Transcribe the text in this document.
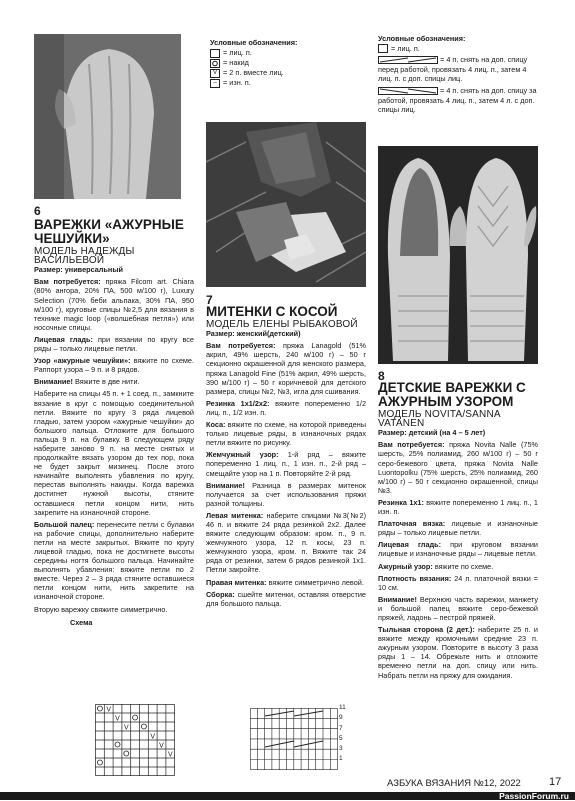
Условные обозначения:
= лиц. п.
= накид
V = 2 п. вместе лиц.
– = изн. п.
Условные обозначения:
= лиц. п.
= 4 п. снять на доп. спицу перед работой, провязать 4 лиц. п., затем 4 лиц. п. с доп. спицы лиц.
= 4 п. снять на доп. спицу за работой, провязать 4 лиц. п., затем 4 л. с доп. спицы лиц.
6
ВАРЕЖКИ «АЖУРНЫЕ ЧЕШУЙКИ»
МОДЕЛЬ НАДЕЖДЫ ВАСИЛЬЕВОЙ

Размер: универсальный

Вам потребуется: пряжа Filcom art. Chiara (80% ангора, 20% ПА, 500 м/100 г), Luxury Selection (70% беби альпака, 30% ПА, 950 м/100 г), круговые спицы №2,5 для вязания в технике magic loop («волшебная петля») или носочные спицы.

Лицевая гладь: при вязании по кругу все ряды – только лицевые петли.

Узор «ажурные чешуйки»: вяжите по схеме. Раппорт узора – 9 п. и 8 рядов.

Внимание! Вяжите в две нити.

Наберите на спицы 45 п. + 1 соед. п., замкните вязание в круг с помощью соединительной петли. Вяжите по кругу 3 ряда лицевой гладью, затем узором «ажурные чешуйки» до большого пальца. Отложите для большого пальца 9 п. на булавку. В следующем ряду наберите заново 9 п. на месте снятых и продолжайте вязать узором до тех пор, пока не будет закрыт мизинец. После этого начинайте выполнять убавления по кругу, перестав выполнять накиды. Когда варежка достигнет нужной высоты, стяните оставшиеся петли концом нити, нить закрепите на изнаночной стороне.

Большой палец: перенесите петли с булавки на рабочие спицы, дополнительно наберите петли на месте закрытых. Вяжите по кругу лицевой гладью, пока не достигнете высоты середины ногтя большого пальца. Начинайте выполнять убавления: вяжите петли по 2 вместе. Через 2 – 3 ряда стяните оставшиеся петли концом нити, нить закрепите на изнаночной стороне.

Вторую варежку свяжите симметрично.

Схема
V
V
V
V
V
V
7
МИТЕНКИ С КОСОЙ
МОДЕЛЬ ЕЛЕНЫ РЫБАКОВОЙ

Размер: женский(детский)

Вам потребуется: пряжа Lanagold (51% акрил, 49% шерсть, 240 м/100 г) – 50 г секционно окрашенной для женского размера, пряжа Lanagold Fine (51% акрил, 49% шерсть, 390 м/100 г) – 50 г коричневой для детского размера, спицы №2, №3, игла для сшивания.

Резинка 1х1/2х2: вяжите попеременно 1/2 лиц. п., 1/2 изн. п.

Коса: вяжите по схеме, на которой приведены только лицевые ряды, в изнаночных рядах петли вяжите по рисунку.

Жемчужный узор: 1-й ряд – вяжите попеременно 1 лиц. п., 1 изн. п., 2-й ряд – смещайте узор на 1 п. Повторяйте 2-й ряд.

Внимание! Разница в размерах митенок получается за счет использования пряжи разной толщины.

Левая митенка: наберите спицами №3(№2) 46 п. и вяжите 24 ряда резинкой 2х2. Далее вяжите следующим образом: кром. п., 9 п. жемчужного узора, 12 п. косы, 23 п. жемчужного узора, кром. п. Вяжите так 24 ряда от резинки, затем 6 рядов резинкой 1х1. Петли закройте.

Правая митенка: вяжите симметрично левой.

Сборка: сшейте митенки, оставляя отверстие для большого пальца.

11
9
7
5
3
1
8
ДЕТСКИЕ ВАРЕЖКИ С АЖУРНЫМ УЗОРОМ
МОДЕЛЬ NOVITA/SANNA VATANEN

Размер: детский (на 4 – 5 лет)

Вам потребуется: пряжа Novita Nalle (75% шерсть, 25% полиамид, 260 м/100 г) – 50 г серо-бежевого цвета, пряжа Novita Nalle Luontopolku (75% шерсть, 25% полиамид, 260 м/100 г) – 50 г секционно окрашенной, спицы №3.

Резинка 1х1: вяжите попеременно 1 лиц. п., 1 изн. п.

Платочная вязка: лицевые и изнаночные ряды – только лицевые петли.

Лицевая гладь: при круговом вязании лицевые и изнаночные ряды – лицевые петли.

Ажурный узор: вяжите по схеме.

Плотность вязания: 24 п. платочной вязки = 10 см.

Внимание! Верхнюю часть варежки, манжету и большой палец вяжите серо-бежевой пряжей, ладонь – пестрой пряжей.

Тыльная сторона (2 дет.): наберите 25 п. и вяжите между кромочными средние 23 п. ажурным узором. Повторите в высоту 3 раза ряды 1 – 14. Обрежьте нить и отложите временно петли на доп. спицу или нить. Набрать петли на пряжу для ожидания.

АЗБУКА ВЯЗАНИЯ №12, 2022	17
PassionForum.ru
